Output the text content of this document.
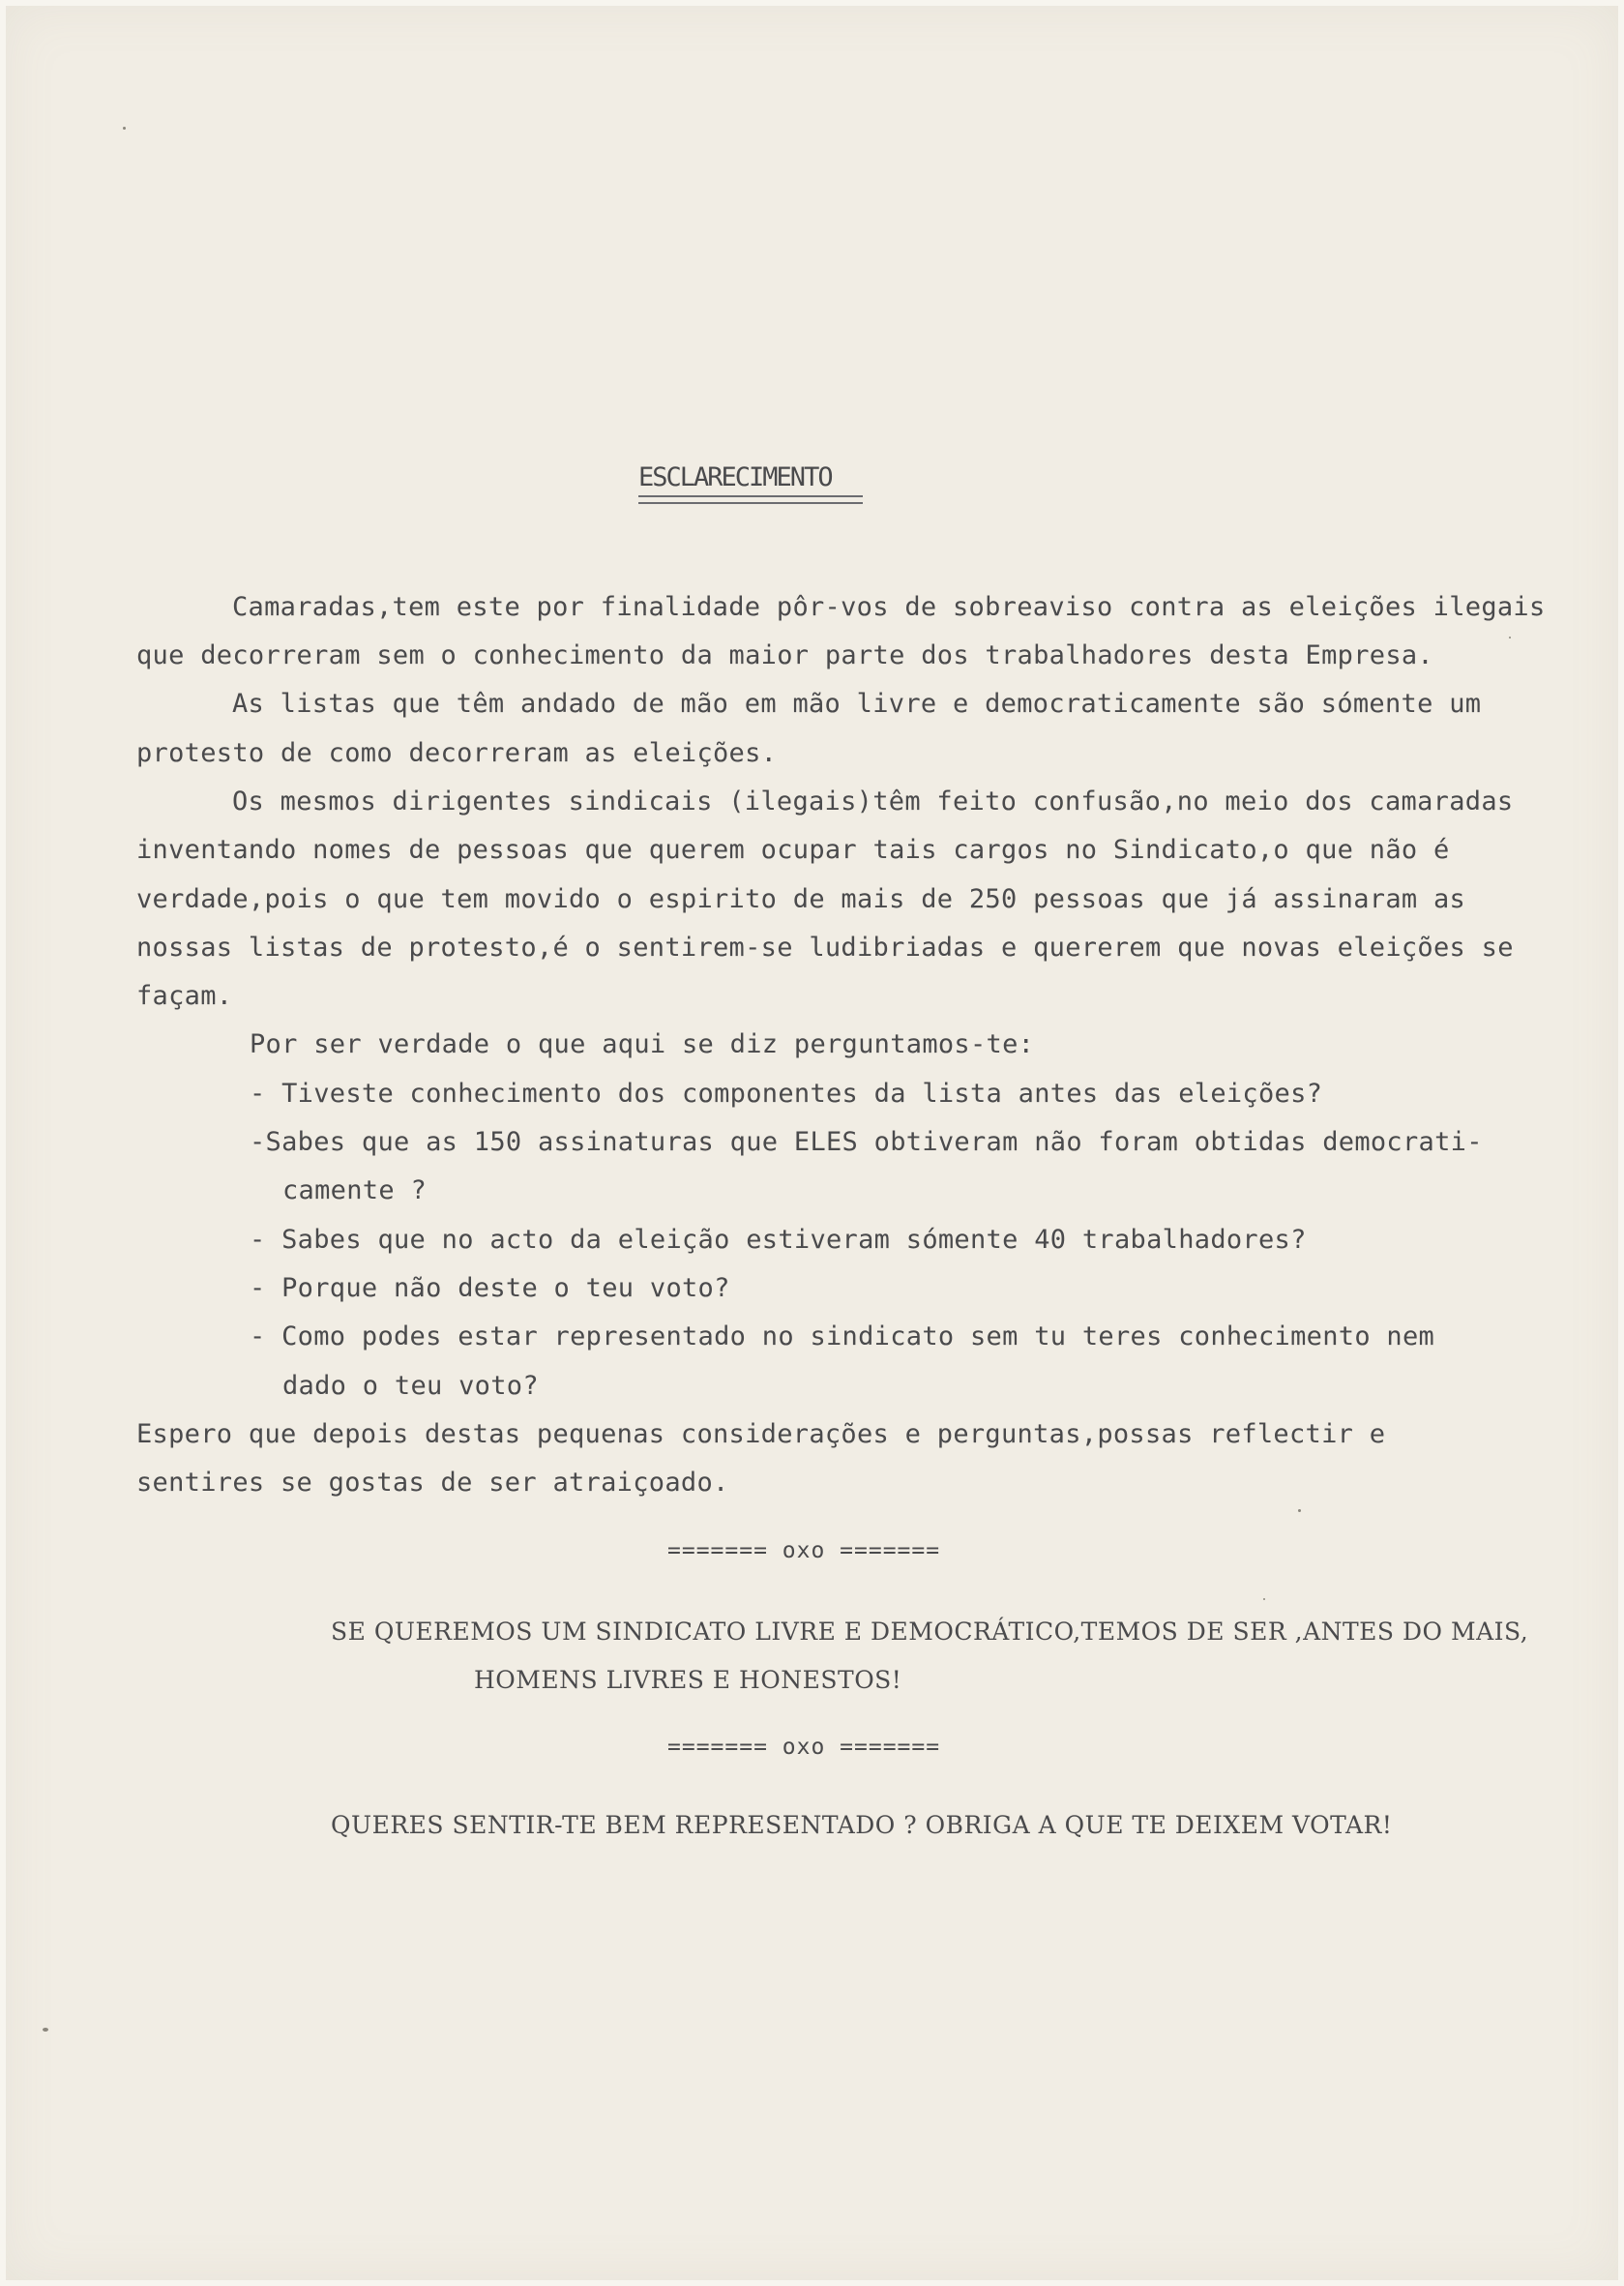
ESCLARECIMENTO
Camaradas,tem este por finalidade pôr-vos de sobreaviso contra as eleições ilegais
que decorreram sem o conhecimento da maior parte dos trabalhadores desta Empresa.
As listas que têm andado de mão em mão livre e democraticamente são sómente um
protesto de como decorreram as eleições.
Os mesmos dirigentes sindicais (ilegais)têm feito confusão,no meio dos camaradas
inventando nomes de pessoas que querem ocupar tais cargos no Sindicato,o que não é
verdade,pois o que tem movido o espirito de mais de 250 pessoas que já assinaram as
nossas listas de protesto,é o sentirem-se ludibriadas e quererem que novas eleições se
façam.
Por ser verdade o que aqui se diz perguntamos-te:
- Tiveste conhecimento dos componentes da lista antes das eleições?
-Sabes que as 150 assinaturas que ELES obtiveram não foram obtidas democrati-
camente ?
- Sabes que no acto da eleição estiveram sómente 40 trabalhadores?
- Porque não deste o teu voto?
- Como podes estar representado no sindicato sem tu teres conhecimento nem
dado o teu voto?
Espero que depois destas pequenas considerações e perguntas,possas reflectir e
sentires se gostas de ser atraiçoado.
======= oxo =======
SE QUEREMOS UM SINDICATO LIVRE E DEMOCRÁTICO,TEMOS DE SER ,ANTES DO MAIS,
HOMENS LIVRES E HONESTOS!
======= oxo =======
QUERES SENTIR-TE BEM REPRESENTADO ? OBRIGA A QUE TE DEIXEM VOTAR!
